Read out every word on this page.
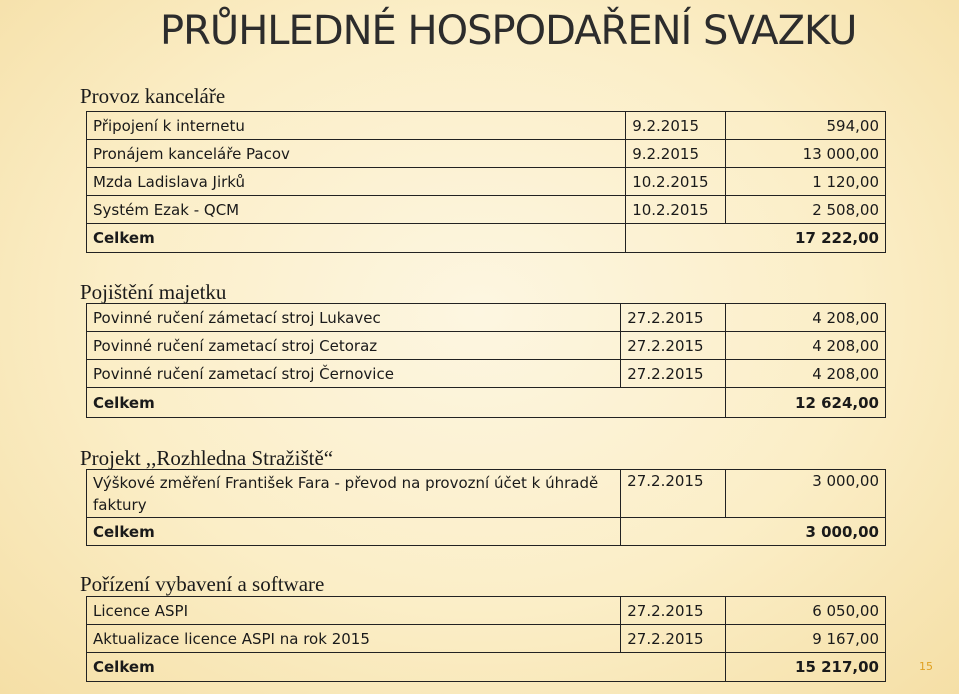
PRŮHLEDNÉ HOSPODAŘENÍ SVAZKU
Provoz kanceláře
Připojení k internetu	9.2.2015	594,00
Pronájem kanceláře Pacov	9.2.2015	13 000,00
Mzda Ladislava Jirků	10.2.2015	1 120,00
Systém Ezak - QCM	10.2.2015	2 508,00
Celkem	17 222,00	
Pojištění majetku
Povinné ručení zámetací stroj Lukavec	27.2.2015	4 208,00
Povinné ručení zametací stroj Cetoraz	27.2.2015	4 208,00
Povinné ručení zametací stroj Černovice	27.2.2015	4 208,00
Celkem		12 624,00
Projekt ,,Rozhledna Stražiště“
Výškové změření František Fara - převod na provozní účet k úhradě faktury	27.2.2015	3 000,00
Celkem	3 000,00	
Pořízení vybavení a software
Licence ASPI	27.2.2015	6 050,00
Aktualizace licence ASPI na rok 2015	27.2.2015	9 167,00
Celkem		15 217,00	15
